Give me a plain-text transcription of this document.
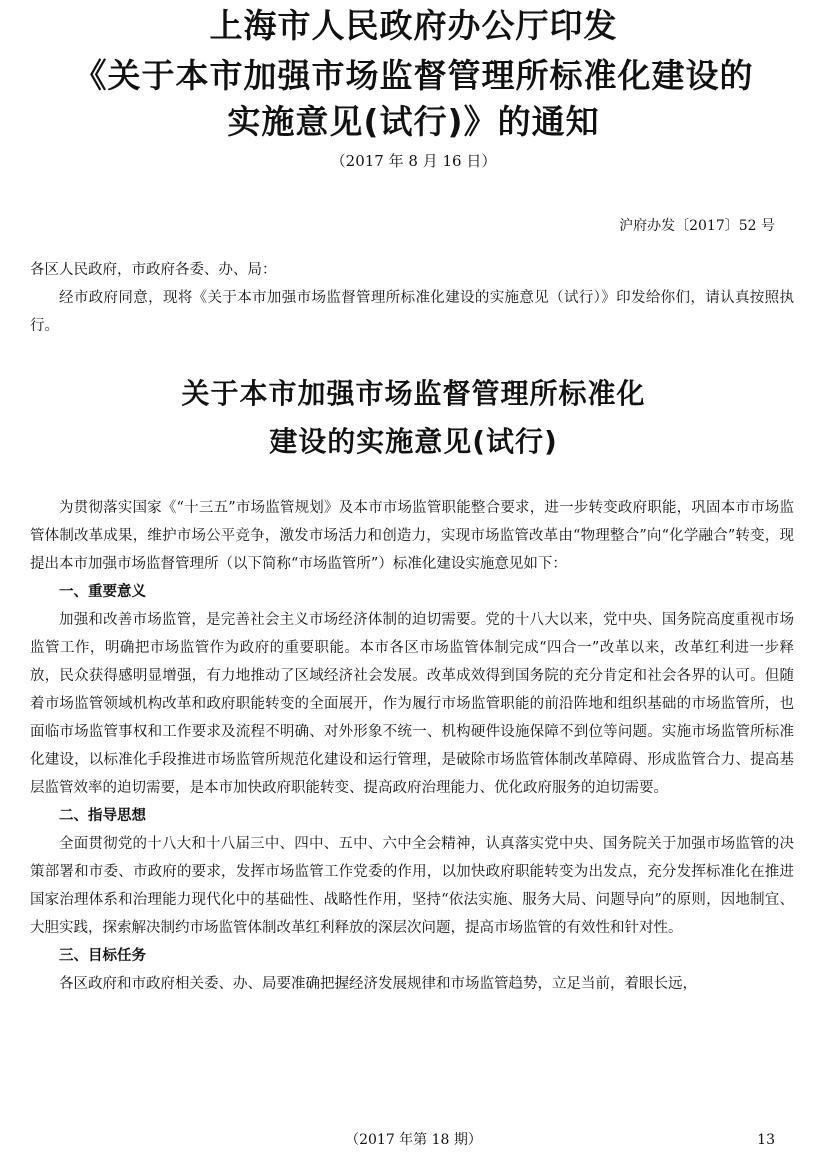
上海市人民政府办公厅印发
《关于本市加强市场监督管理所标准化建设的
实施意见(试行)》的通知
（2017 年 8 月 16 日）
沪府办发〔2017〕52 号

各区人民政府，市政府各委、办、局：

经市政府同意，现将《关于本市加强市场监督管理所标准化建设的实施意见（试行）》印发给你们，请认真按照执行。

关于本市加强市场监督管理所标准化
建设的实施意见(试行)

为贯彻落实国家《“十三五”市场监管规划》及本市市场监管职能整合要求，进一步转变政府职能，巩固本市市场监管体制改革成果，维护市场公平竞争，激发市场活力和创造力，实现市场监管改革由“物理整合”向“化学融合”转变，现提出本市加强市场监督管理所（以下简称“市场监管所”）标准化建设实施意见如下：

一、重要意义

加强和改善市场监管，是完善社会主义市场经济体制的迫切需要。党的十八大以来，党中央、国务院高度重视市场监管工作，明确把市场监管作为政府的重要职能。本市各区市场监管体制完成“四合一”改革以来，改革红利进一步释放，民众获得感明显增强，有力地推动了区域经济社会发展。改革成效得到国务院的充分肯定和社会各界的认可。但随着市场监管领域机构改革和政府职能转变的全面展开，作为履行市场监管职能的前沿阵地和组织基础的市场监管所，也面临市场监管事权和工作要求及流程不明确、对外形象不统一、机构硬件设施保障不到位等问题。实施市场监管所标准化建设，以标准化手段推进市场监管所规范化建设和运行管理，是破除市场监管体制改革障碍、形成监管合力、提高基层监管效率的迫切需要，是本市加快政府职能转变、提高政府治理能力、优化政府服务的迫切需要。

二、指导思想

全面贯彻党的十八大和十八届三中、四中、五中、六中全会精神，认真落实党中央、国务院关于加强市场监管的决策部署和市委、市政府的要求，发挥市场监管工作党委的作用，以加快政府职能转变为出发点，充分发挥标准化在推进国家治理体系和治理能力现代化中的基础性、战略性作用，坚持“依法实施、服务大局、问题导向”的原则，因地制宜、大胆实践，探索解决制约市场监管体制改革红利释放的深层次问题，提高市场监管的有效性和针对性。

三、目标任务

各区政府和市政府相关委、办、局要准确把握经济发展规律和市场监管趋势，立足当前，着眼长远，

（2017 年第 18 期）	13
